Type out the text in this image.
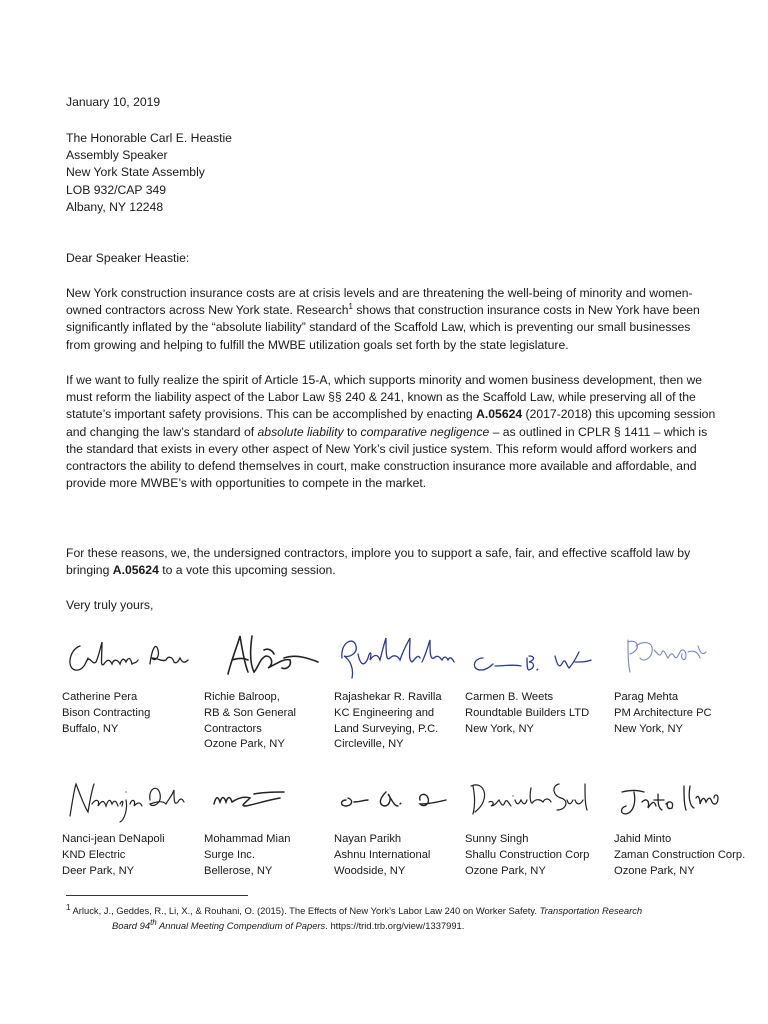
January 10, 2019
The Honorable Carl E. Heastie
Assembly Speaker
New York State Assembly
LOB 932/CAP 349
Albany, NY 12248
Dear Speaker Heastie:

New York construction insurance costs are at crisis levels and are threatening the well-being of minority and women-owned contractors across New York state. Research$^1$ shows that construction insurance costs in New York have been significantly inflated by the “absolute liability” standard of the Scaffold Law, which is preventing our small businesses from growing and helping to fulfill the MWBE utilization goals set forth by the state legislature.

If we want to fully realize the spirit of Article 15-A, which supports minority and women business development, then we must reform the liability aspect of the Labor Law §§ 240 & 241, known as the Scaffold Law, while preserving all of the statute’s important safety provisions. This can be accomplished by enacting A.05624 (2017-2018) this upcoming session and changing the law’s standard of absolute liability to comparative negligence – as outlined in CPLR § 1411 – which is the standard that exists in every other aspect of New York’s civil justice system. This reform would afford workers and contractors the ability to defend themselves in court, make construction insurance more available and affordable, and provide more MWBE’s with opportunities to compete in the market.

For these reasons, we, the undersigned contractors, implore you to support a safe, fair, and effective scaffold law by bringing A.05624 to a vote this upcoming session.

Very truly yours,
Catherine Pera
Bison Contracting
Buffalo, NY
Richie Balroop,
RB & Son General
Contractors
Ozone Park, NY
Rajashekar R. Ravilla
KC Engineering and
Land Surveying, P.C.
Circleville, NY
Carmen B. Weets
Roundtable Builders LTD
New York, NY
Parag Mehta
PM Architecture PC
New York, NY
Nanci-jean DeNapoli
KND Electric
Deer Park, NY
Mohammad Mian
Surge Inc.
Bellerose, NY
Nayan Parikh
Ashnu International
Woodside, NY
Sunny Singh
Shallu Construction Corp
Ozone Park, NY
Jahid Minto
Zaman Construction Corp.
Ozone Park, NY
$^1$ Arluck, J., Geddes, R., Li, X., & Rouhani, O. (2015). The Effects of New York’s Labor Law 240 on Worker Safety. Transportation Research
Board 94th Annual Meeting Compendium of Papers. https://trid.trb.org/view/1337991.
